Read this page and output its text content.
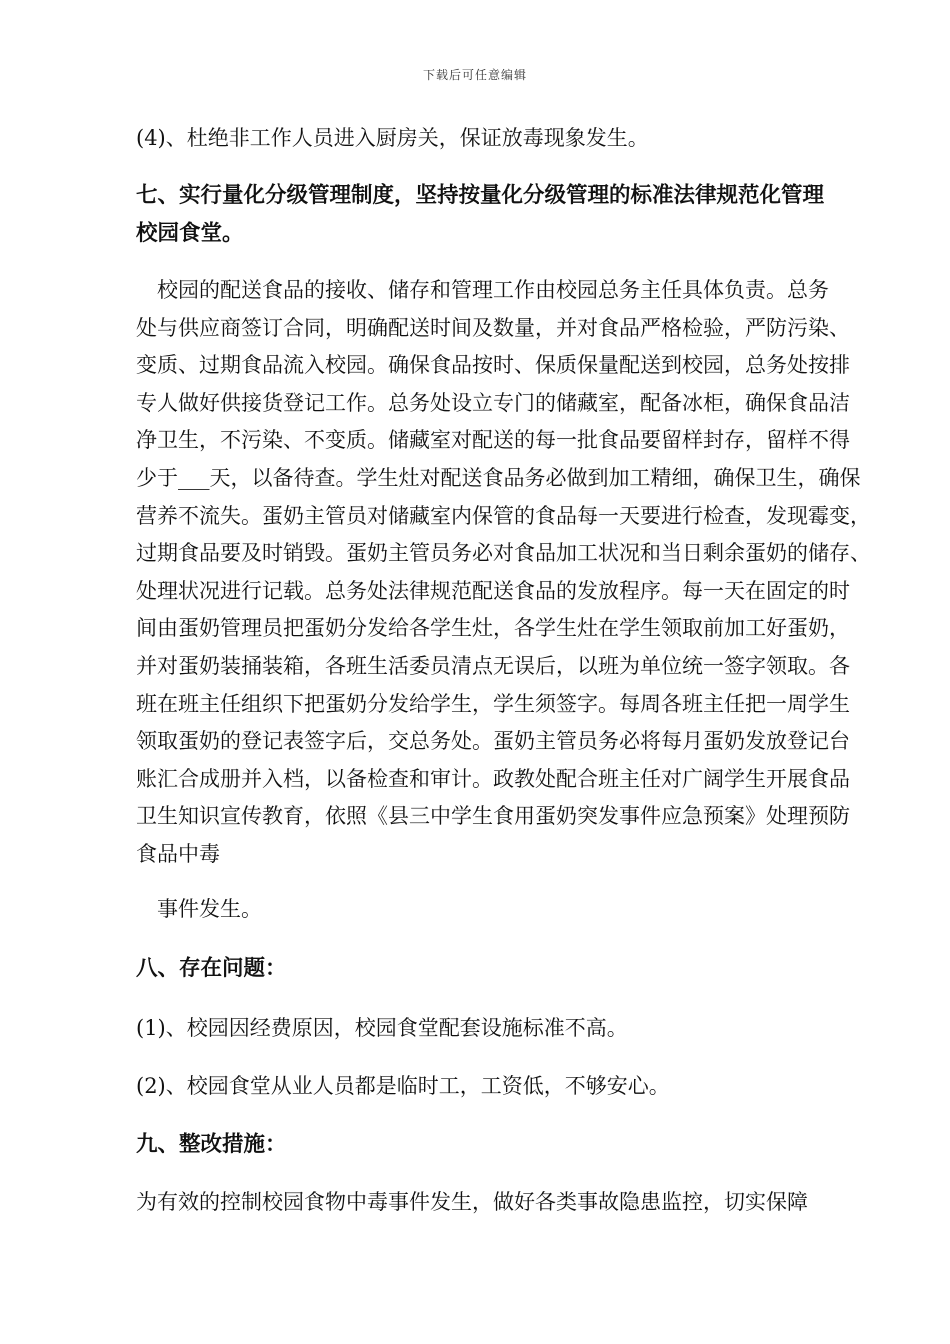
下载后可任意编辑
(4)、杜绝非工作人员进入厨房关，保证放毒现象发生。
七、实行量化分级管理制度，坚持按量化分级管理的标准法律规范化管理
校园食堂。
　校园的配送食品的接收、储存和管理工作由校园总务主任具体负责。总务
处与供应商签订合同，明确配送时间及数量，并对食品严格检验，严防污染、
变质、过期食品流入校园。确保食品按时、保质保量配送到校园，总务处按排
专人做好供接货登记工作。总务处设立专门的储藏室，配备冰柜，确保食品洁
净卫生，不污染、不变质。储藏室对配送的每一批食品要留样封存，留样不得
少于___天，以备待查。学生灶对配送食品务必做到加工精细，确保卫生，确保
营养不流失。蛋奶主管员对储藏室内保管的食品每一天要进行检查，发现霉变，
过期食品要及时销毁。蛋奶主管员务必对食品加工状况和当日剩余蛋奶的储存、
处理状况进行记载。总务处法律规范配送食品的发放程序。每一天在固定的时
间由蛋奶管理员把蛋奶分发给各学生灶，各学生灶在学生领取前加工好蛋奶，
并对蛋奶装捅装箱，各班生活委员清点无误后，以班为单位统一签字领取。各
班在班主任组织下把蛋奶分发给学生，学生须签字。每周各班主任把一周学生
领取蛋奶的登记表签字后，交总务处。蛋奶主管员务必将每月蛋奶发放登记台
账汇合成册并入档，以备检查和审计。政教处配合班主任对广阔学生开展食品
卫生知识宣传教育，依照《县三中学生食用蛋奶突发事件应急预案》处理预防
食品中毒
　事件发生。
八、存在问题：
(1)、校园因经费原因，校园食堂配套设施标准不高。
(2)、校园食堂从业人员都是临时工，工资低，不够安心。
九、整改措施：
为有效的控制校园食物中毒事件发生，做好各类事故隐患监控，切实保障
